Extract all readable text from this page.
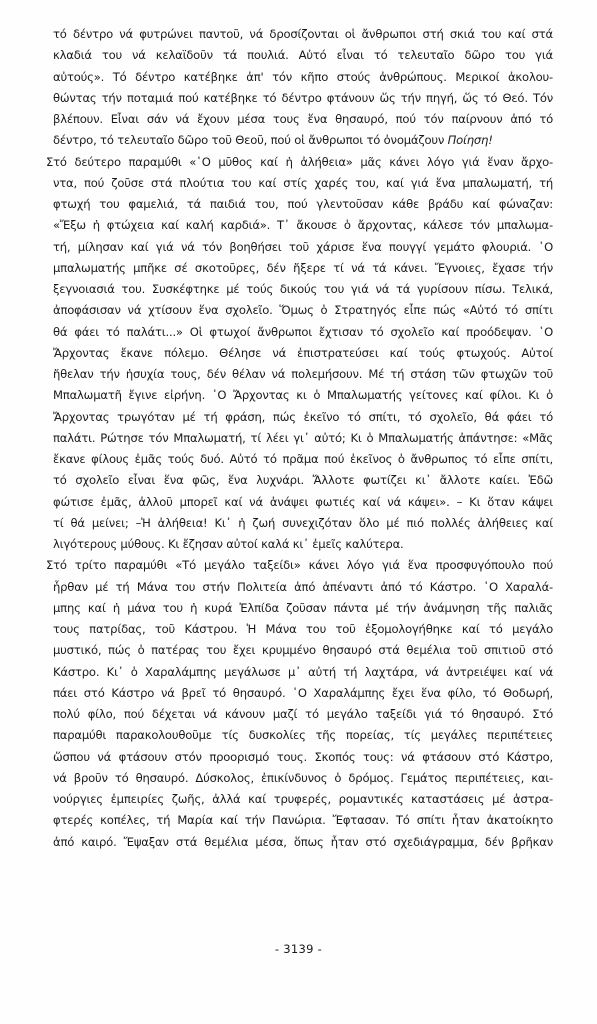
τό δέντρο νά φυτρώνει παντοῦ, νά δροσίζονται οἱ ἄνθρωποι στή σκιά του καί στά
κλαδιά του νά κελαϊδοῦν τά πουλιά. Αὐτό εἶναι τό τελευταῖο δῶρο του γιά
αὐτούς». Τό δέντρο κατέβηκε ἀπ' τόν κῆπο στούς ἀνθρώπους. Μερικοί ἀκολου-
θώντας τήν ποταμιά πού κατέβηκε τό δέντρο φτάνουν ὥς τήν πηγή, ὥς τό Θεό. Τόν
βλέπουν. Εἶναι σάν νά ἔχουν μέσα τους ἕνα θησαυρό, πού τόν παίρνουν ἀπό τό
δέντρο, τό τελευταῖο δῶρο τοῦ Θεοῦ, πού οἱ ἄνθρωποι τό ὀνομάζουν Ποίηση!
Στό δεύτερο παραμύθι «῾Ο μῦθος καί ἡ ἀλήθεια» μᾶς κάνει λόγο γιά ἕναν ἄρχο-
ντα, πού ζοῦσε στά πλούτια του καί στίς χαρές του, καί γιά ἕνα μπαλωματή, τή
φτωχή του φαμελιά, τά παιδιά του, πού γλεντοῦσαν κάθε βράδυ καί φώναζαν:
«Ἔξω ἡ φτώχεια καί καλή καρδιά». Τ᾽ ἄκουσε ὁ ἄρχοντας, κάλεσε τόν μπαλωμα-
τή, μίλησαν καί γιά νά τόν βοηθήσει τοῦ χάρισε ἕνα πουγγί γεμάτο φλουριά. ῾Ο
μπαλωματής μπῆκε σέ σκοτοῦρες, δέν ἤξερε τί νά τά κάνει. Ἔγνοιες, ἔχασε τήν
ξεγνοιασιά του. Συσκέφτηκε μέ τούς δικούς του γιά νά τά γυρίσουν πίσω. Τελικά,
ἀποφάσισαν νά χτίσουν ἕνα σχολεῖο. Ὅμως ὁ Στρατηγός εἶπε πώς «Αὐτό τό σπίτι
θά φάει τό παλάτι...» Οἱ φτωχοί ἄνθρωποι ἔχτισαν τό σχολεῖο καί προόδεψαν. ῾Ο
Ἄρχοντας ἔκανε πόλεμο. Θέλησε νά ἐπιστρατεύσει καί τούς φτωχούς. Αὐτοί
ἤθελαν τήν ἡσυχία τους, δέν θέλαν νά πολεμήσουν. Μέ τή στάση τῶν φτωχῶν τοῦ
Μπαλωματῆ ἔγινε εἰρήνη. ῾Ο Ἄρχοντας κι ὁ Μπαλωματής γείτονες καί φίλοι. Κι ὁ
Ἄρχοντας τρωγόταν μέ τή φράση, πώς ἐκεῖνο τό σπίτι, τό σχολεῖο, θά φάει τό
παλάτι. Ρώτησε τόν Μπαλωματή, τί λέει γι᾽ αὐτό; Κι ὁ Μπαλωματής ἀπάντησε: «Μᾶς
ἔκανε φίλους ἐμᾶς τούς δυό. Αὐτό τό πρᾶμα πού ἐκεῖνος ὁ ἄνθρωπος τό εἶπε σπίτι,
τό σχολεῖο εἶναι ἕνα φῶς, ἕνα λυχνάρι. Ἄλλοτε φωτίζει κι᾽ ἄλλοτε καίει. Ἐδῶ
φώτισε ἐμᾶς, ἀλλοῦ μπορεῖ καί νά ἀνάψει φωτιές καί νά κάψει». – Κι ὅταν κάψει
τί θά μείνει; –Ἡ ἀλήθεια! Κι᾽ ἡ ζωή συνεχιζόταν ὅλο μέ πιό πολλές ἀλήθειες καί
λιγότερους μύθους. Κι ἔζησαν αὐτοί καλά κι᾽ ἐμεῖς καλύτερα.
Στό τρίτο παραμύθι «Τό μεγάλο ταξείδι» κάνει λόγο γιά ἕνα προσφυγόπουλο πού
ἦρθαν μέ τή Μάνα του στήν Πολιτεία ἀπό ἀπέναντι ἀπό τό Κάστρο. ῾Ο Χαραλά-
μπης καί ἡ μάνα του ἡ κυρά Ἐλπίδα ζοῦσαν πάντα μέ τήν ἀνάμνηση τῆς παλιᾶς
τους πατρίδας, τοῦ Κάστρου. Ἡ Μάνα του τοῦ ἐξομολογήθηκε καί τό μεγάλο
μυστικό, πώς ὁ πατέρας του ἔχει κρυμμένο θησαυρό στά θεμέλια τοῦ σπιτιοῦ στό
Κάστρο. Κι᾽ ὁ Χαραλάμπης μεγάλωσε μ᾽ αὐτή τή λαχτάρα, νά ἀντρειέψει καί νά
πάει στό Κάστρο νά βρεῖ τό θησαυρό. ῾Ο Χαραλάμπης ἔχει ἕνα φίλο, τό Θοδωρή,
πολύ φίλο, πού δέχεται νά κάνουν μαζί τό μεγάλο ταξείδι γιά τό θησαυρό. Στό
παραμύθι παρακολουθοῦμε τίς δυσκολίες τῆς πορείας, τίς μεγάλες περιπέτειες
ὥσπου νά φτάσουν στόν προορισμό τους. Σκοπός τους: νά φτάσουν στό Κάστρο,
νά βροῦν τό θησαυρό. Δύσκολος, ἐπικίνδυνος ὁ δρόμος. Γεμάτος περιπέτειες, και-
νούργιες ἐμπειρίες ζωῆς, ἀλλά καί τρυφερές, ρομαντικές καταστάσεις μέ ἀστρα-
φτερές κοπέλες, τή Μαρία καί τήν Πανώρια. Ἔφτασαν. Τό σπίτι ἦταν ἀκατοίκητο
ἀπό καιρό. Ἔψαξαν στά θεμέλια μέσα, ὅπως ἦταν στό σχεδιάγραμμα, δέν βρῆκαν
- 3139 -
